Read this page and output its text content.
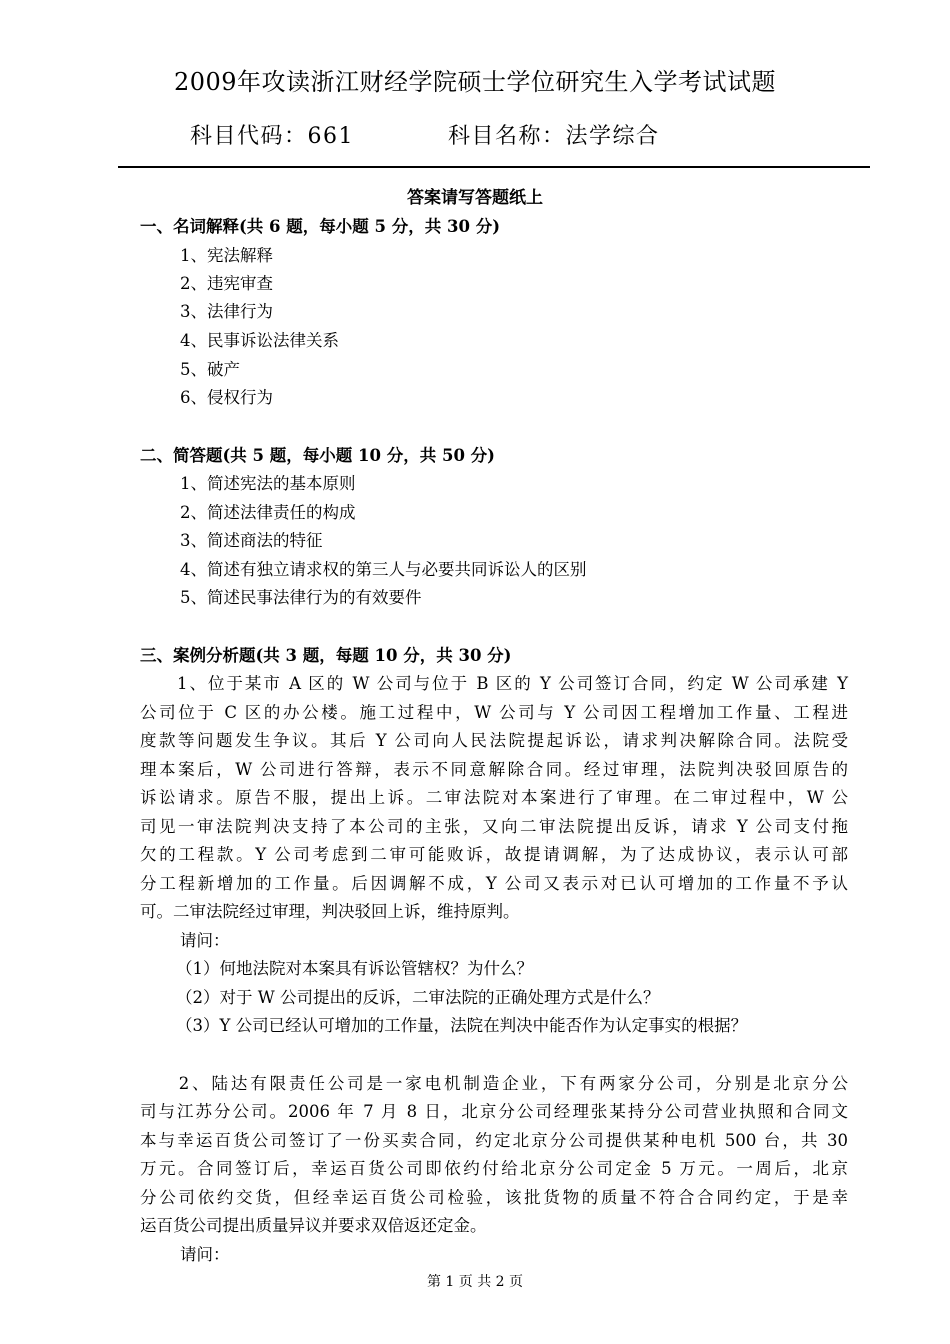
2009年攻读浙江财经学院硕士学位研究生入学考试试题
科目代码：661	科目名称：法学综合
答案请写答题纸上
一、名词解释(共 6 题，每小题 5 分，共 30 分)
1、宪法解释
2、违宪审查
3、法律行为
4、民事诉讼法律关系
5、破产
6、侵权行为
二、简答题(共 5 题，每小题 10 分，共 50 分)
1、简述宪法的基本原则
2、简述法律责任的构成
3、简述商法的特征
4、简述有独立请求权的第三人与必要共同诉讼人的区别
5、简述民事法律行为的有效要件
三、案例分析题(共 3 题，每题 10 分，共 30 分)
　　1、位于某市 A 区的 W 公司与位于 B 区的 Y 公司签订合同，约定 W 公司承建 Y
公司位于 C 区的办公楼。施工过程中，W 公司与 Y 公司因工程增加工作量、工程进
度款等问题发生争议。其后 Y 公司向人民法院提起诉讼，请求判决解除合同。法院受
理本案后，W 公司进行答辩，表示不同意解除合同。经过审理，法院判决驳回原告的
诉讼请求。原告不服，提出上诉。二审法院对本案进行了审理。在二审过程中，W 公
司见一审法院判决支持了本公司的主张，又向二审法院提出反诉，请求 Y 公司支付拖
欠的工程款。Y 公司考虑到二审可能败诉，故提请调解，为了达成协议，表示认可部
分工程新增加的工作量。后因调解不成，Y 公司又表示对已认可增加的工作量不予认
可。二审法院经过审理，判决驳回上诉，维持原判。
请问：
（1）何地法院对本案具有诉讼管辖权？为什么？
（2）对于 W 公司提出的反诉，二审法院的正确处理方式是什么？
（3）Y 公司已经认可增加的工作量，法院在判决中能否作为认定事实的根据？
　　2、陆达有限责任公司是一家电机制造企业，下有两家分公司，分别是北京分公
司与江苏分公司。2006 年 7 月 8 日，北京分公司经理张某持分公司营业执照和合同文
本与幸运百货公司签订了一份买卖合同，约定北京分公司提供某种电机 500 台，共 30
万元。合同签订后，幸运百货公司即依约付给北京分公司定金 5 万元。一周后，北京
分公司依约交货，但经幸运百货公司检验，该批货物的质量不符合合同约定，于是幸
运百货公司提出质量异议并要求双倍返还定金。
请问：
第 1 页 共 2 页
